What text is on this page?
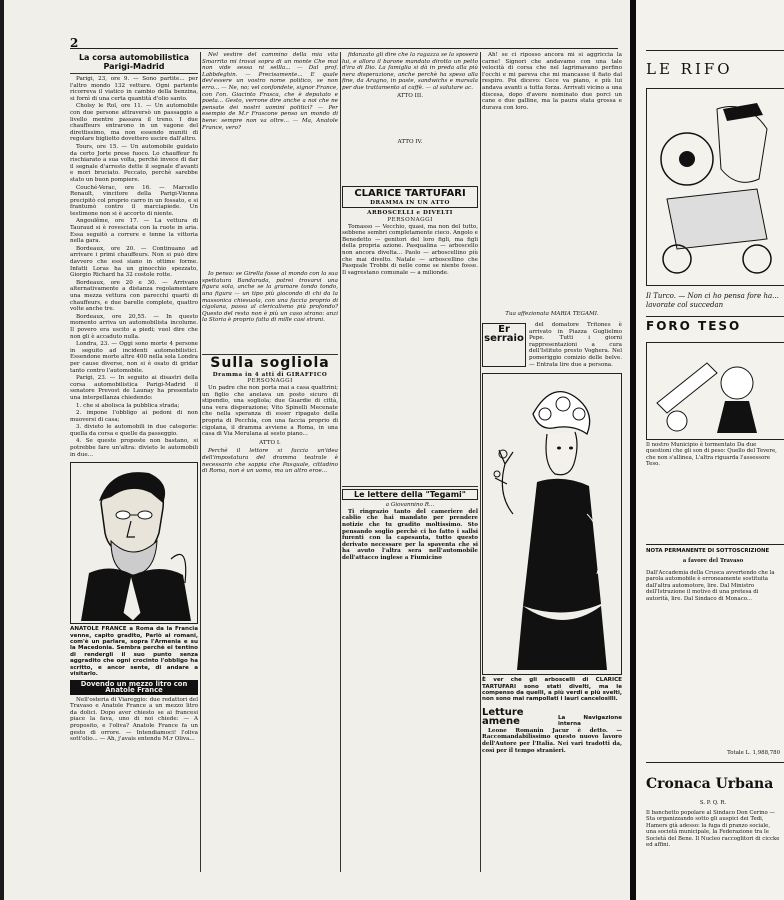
2
La corsa automobilistica Parigi-Madrid
Parigi, 23, ore 9. — Sono partite... per l'altro mondo 132 vetture. Ogni partente ricorreva il viatico in cambio della benzina, si fornì di una certa quantità d'olio santo.
Cholsy le Rol, ore 11. — Un automobile con due persone attraversò un passaggio a livello mentre passava il treno. I due chauffeurs entrarono in un vagone del direttissimo, ma non essendo muniti di regolare biglietto dovettero uscire dall'altro.
Tours, ore 15. — Un automobile guidato da certo Jorte prese fuoco. Lo chauffeur fu rischiarato a sua volta, perchè invece di dar il segnale d'arresto dette il segnale d'avanti e morì bruciato. Peccato, perchè sarebbe stato un buon pompiere.
Couché-Verac, ore 16. — Marcello Renault, vincitore della Parigi-Vienna precipitò col proprio carro in un fossato, e si frantumò contro il marciapiede. Un testimone non si è accorto di niente.
Angoulême, ore 17. — La vettura di Tauraud si è rovesciata con la ruote in aria. Essa seguitò a correre e tenne la vittoria nella gara.
Bordeaux, ore 20. — Continuano ad arrivare i primi chauffeurs. Non si può dire davvero che essi siano in ottime forme. Infatti Loras ha un ginocchio spezzato, Giorgio Richard ha 32 costole rotte.
Bordeaux, ore 20 e 30. — Arrivano alternativamente a distanza regolamentare una mezza vettura con parecchi quarti di chauffeurs, e due barelle complete, quattro volte anche tre.
Bordeaux, ore 20,55. — In questo momento arriva un automobilista incolume. Il povero era uscito a piedi; vuol dire che non gli è accaduto nulla.
Londra, 23. — Oggi sono morte 4 persone in seguito ad incidenti automobilistici. Essendone morte altre 400 nella sola Londra per cause diverse, non si è osato di gridar tanto contro l'automobile.
Parigi, 23. — In seguito ai disastri della corsa automobilistica Parigi-Madrid il senatore Prevost de Launay ha presentato una interpellanza chiedendo:
1. che si abolisca la pubblica strada;
2. impone l'obbligo ai pedoni di non muoversi di casa;
3. divieto le automobili in due categorie: quella da corsa e quelle da passeggio.
4. Se queste proposte non bastano, si potrebbe fare un'altra: divieto le automobili in due...
ANATOLE FRANCE a Roma da la Francia venne, capito gradito, Parlò ai romani, com'è un parlare, sopra l'Armenia e su la Macedonia. Sembra perchè ei tentino di rendergli il suo punto senza aggradito che ogni crocinto l'obbligo ha scritto, e ancor sente, di andare a visitarlo.
Dovendo un mezzo litro con Anatole France
Nell'osteria di Viareggio: due redattori del Travaso e Anatole France a un mezzo litro da dolici. Dopo aver chiesto se ai francesi piace la fava, uno di noi chiede: — A proposito, e l'oliva? Anatole France fa un gesto di orrore. — Intendiamoci! l'oliva sott'olio... — Ah, j'avais entendu M.r Oliva...
Nel vestire del cammino della mia vita Smarrito mi trovai sopra di un monte Che mai non vide sessa ni sellla... — Dal prof. Labbdeghin. — Precisamente... E quale dev'essere un vostro nome politico, se non erro... — Ne, no; vel confondete, signor France, con l'on. Giacinto Frasca, che è deputato e poeta... Gesto, verrone dire anche a noi che ne pensate dei nostri uomini politici? — Per esempio de M.r Frascone penso un mondo di bene: sempre non va oltre... — Ma, Anatole France, vero?
Io penso: se Girella fosse al mondo con la sua spettatura Bandaruda, potrei trovarvi una figura sola, anche se la gramare tondo tondo, una figura — un tipo più giocondo di chi da la massonica chiesuola, con una faccia proprio di cigolana, passa al clericalismo più profondo? Questo del resto non è più un caso strano: anzi la Storia è proprio fatta di mille casi strani.
Sulla sogliola
Dramma in 4 atti di GIRAFFICO
PERSONAGGI
Un padre che non porta mai a casa quattrini; un figlio che anelava un posto sicuro di stipendio, una sogliola; due Guardie di città, una vera disperazione; Vito Spinelli Mecenate che nella speranza di esser ripagato della propria di Pecchia, con una faccia proprio di cigolana, il dramma avviene a Roma, in una casa di Via Merulana al sesto piano...
ATTO I.
Perchè il lettore si faccia un'idea dell'impostatura del dramma teatrale è necessario che sappia che Pasquale, cittadino di Roma, non è un uomo, ma un altro eroe...
fidanzato gli dire che la ragazza se la sposerà lui, e allora il barone mandato dirotto un petto d'ira di Dio. La famiglia si dà in preda alla più nera disperazione, anche perchè ha speso alla fine, da Aragno, in paste, sandwichs e marsala per due trattamento al caffè. — al salutare ac.
ATTO III.
ATTO IV.
CLARICE TARTUFARI
DRAMMA IN UN ATTO
ARBOSCELLI e DIVELTI
PERSONAGGI
Tomasso — Vecchio, quasi, ma non del tutto, sebbene sembri completamente cieco. Angolo e Benedetto — genitori del loro figli, ma figli della propria azione. Pasqualina — arboscello non ancora divelta... Paolo — arboscellino più che mai divelto. Natale — arboscellino che Pasquale Trobbi di nelle come se niente fosse. Il sagrestano comunale — a milionde.
Le lettere della "Tegami"
a Giovannino R...
Ti ringrazio tanto del cameriere del cablio che hai mandato per prendere notizie che tu gradito moltissimo. Sto pensando soglio perchè ci ho fatto i sallsi furenti con la capesanta, tutto questo derivato necessare per la spaventa che si ha avuto l'altra sera nell'automobile dell'attacco inglese a Fiumicino
Ah! se ci riposso ancora mi si aggriccia la carne! Signori che andavamo con una tale velocità di corsa che nel lagrimavano perfino l'occhi e mi pareva che mi mancasse il fiato dal respiro. Poi dicevo: Cece va piano, e più lui andava avanti a tutta forza. Arrivati vicino a una discesa, dopo d'avere nominato due porci un cane e due galline, ma la paura stata grossa e durava con loro.
Tua affezionata MARIA TEGAMI.
Er serraio
del domatore Tritones è arrivato in Piazza Guglielmo Pepe. Tutti i giorni rappresentazioni a cura dell'Istituto presto Voghera. Nel pomeriggio comizio delle belve. — Entrata lire due a persona.
È ver che gli arboscelli di CLARICE TARTUFARI sono stati divelti, ma le compenso da quelli, a più verdi e più svelti, non sono mai rampollati i lauri cancelosilli.
Letture amene	La Navigazione interna
Leone Romanin Jacur è detto. — Raccomandabilissimo questo nuovo lavoro dell'Autore per l'Italia. Nei vari tradotti da, così per il tempo stranieri.
LE RIFO
Il Turco. — Non ci ho pensa fore ha... lavorate col succedan
FORO TESO
Il nostro Municipio è tormentato Da due questioni che gli son di peso: Quello del Tevere, che non s'allinea, L'altra riguarda l'assessore Teso.
NOTA PERMANENTE DI SOTTOSCRIZIONE
a favore del Travaso
Dall'Accademia della Crusca avvertendo che la parola automobile è erroneamente sostituita dall'altra automotore, lire. Dal Ministro dell'Istruzione il motivo di una pretesa di autorità, lire. Dal Sindaco di Monaco...
Totale L. 1,988,780
Cronaca Urbana
S. P. Q. R.
Il banchetto popolare al Sindaco Don Cerino — Sta organizzando sotto gli auspici dei Tedi, Hamers già adesso: la fuga di pranzo sociale, una società municipale, la Federazione tra le Società del Bene. Il Nucleo raccoglitori di ciccke ed affini.
